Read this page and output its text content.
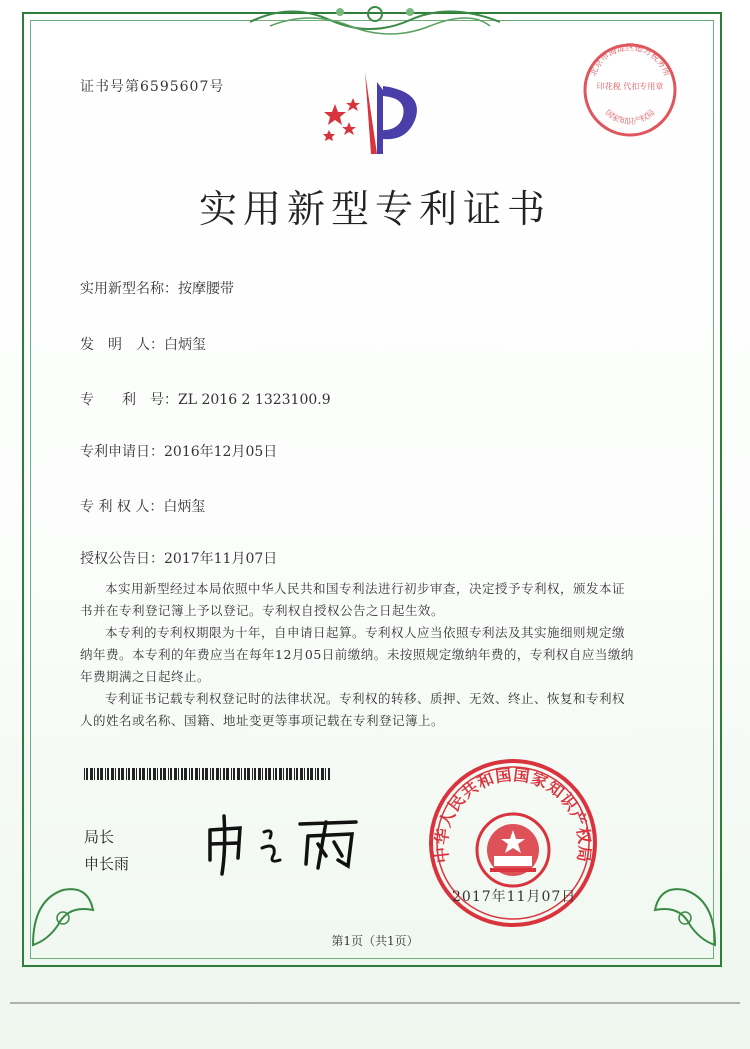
证书号第6595607号
实用新型专利证书
实用新型名称：按摩腰带
发　明　人：白炳玺
专　　利　号：ZL 2016 2 1323100.9
专利申请日：2016年12月05日
专 利 权 人：白炳玺
授权公告日：2017年11月07日

本实用新型经过本局依照中华人民共和国专利法进行初步审查，决定授予专利权，颁发本证书并在专利登记簿上予以登记。专利权自授权公告之日起生效。

本专利的专利权期限为十年，自申请日起算。专利权人应当依照专利法及其实施细则规定缴纳年费。本专利的年费应当在每年12月05日前缴纳。未按照规定缴纳年费的，专利权自应当缴纳年费期满之日起终止。

专利证书记载专利权登记时的法律状况。专利权的转移、质押、无效、终止、恢复和专利权人的姓名或名称、国籍、地址变更等事项记载在专利登记簿上。

局长
申长雨
中华人民共和国国家知识产权局
2017年11月07日
北京市海淀区德方税务所
印花税 代扣专用章
国家知识产权局
第1页（共1页）
